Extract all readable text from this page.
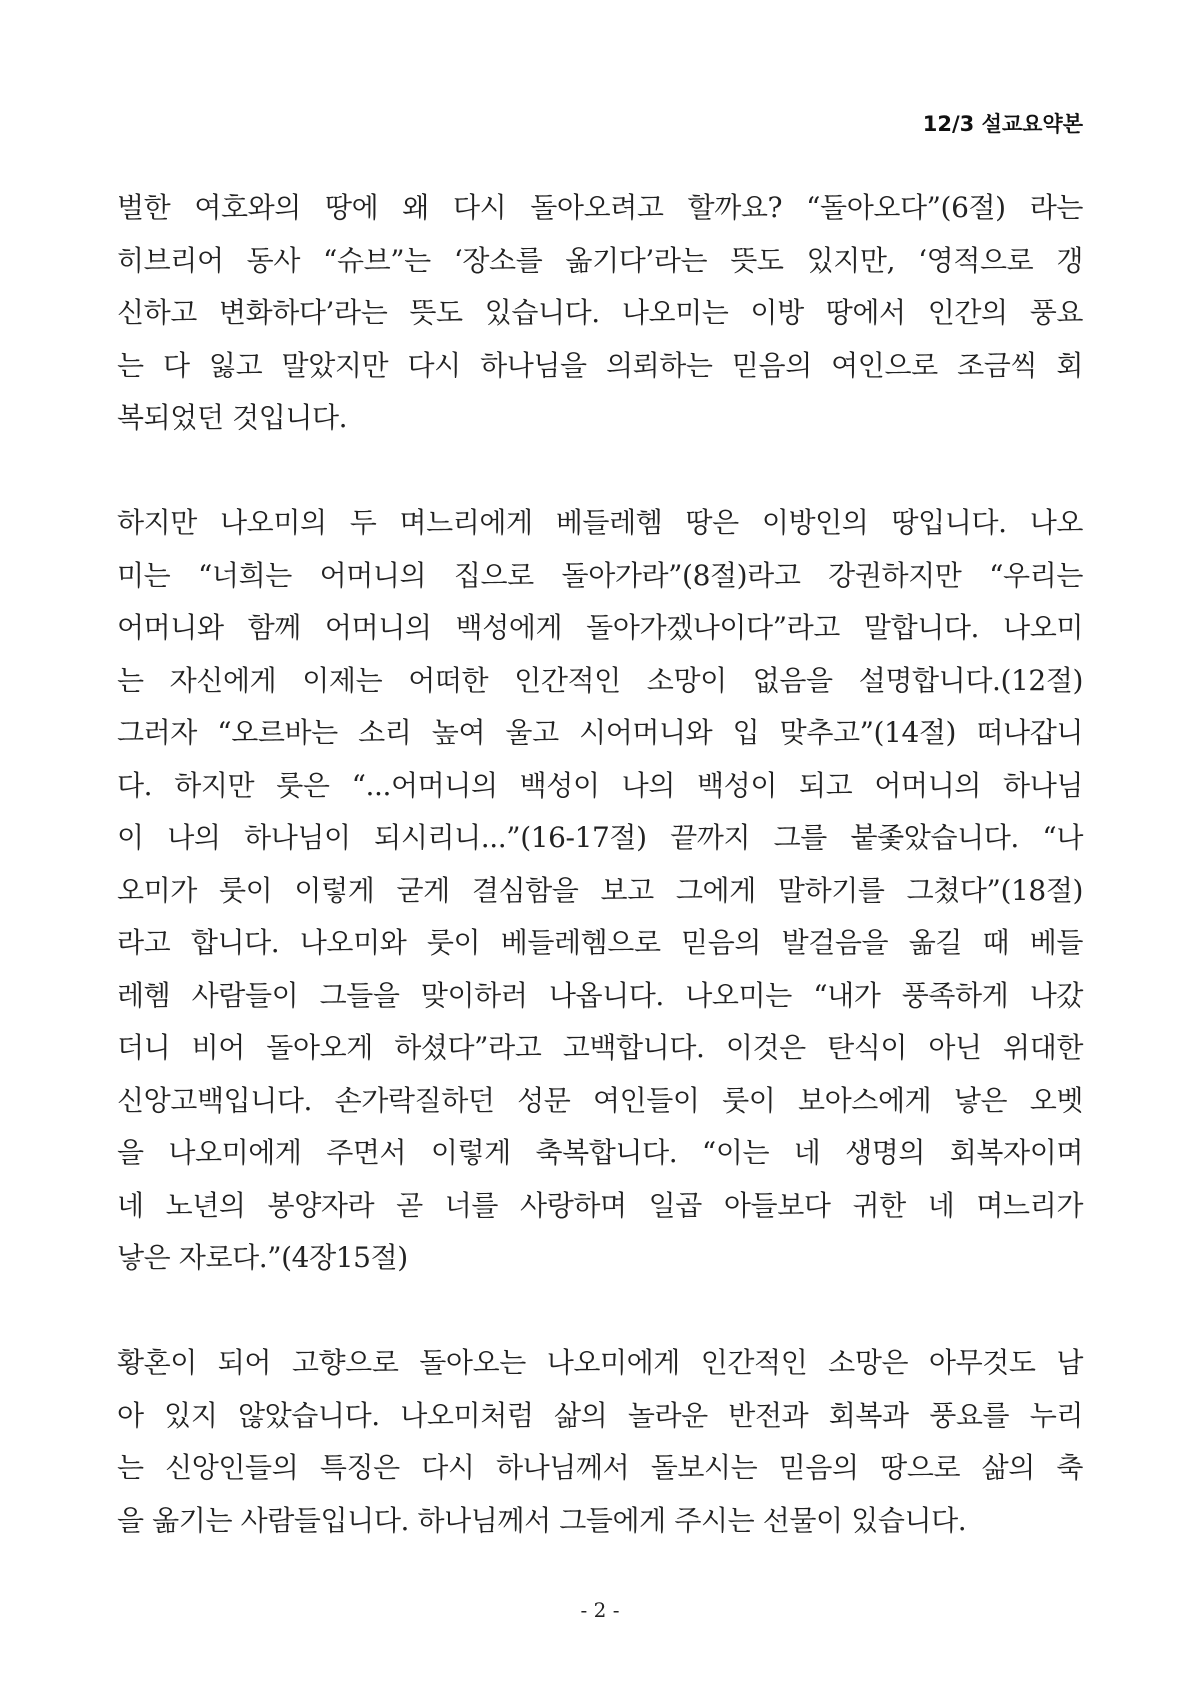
12/3 설교요약본
벌한 여호와의 땅에 왜 다시 돌아오려고 할까요? “돌아오다”(6절) 라는
히브리어 동사 “슈브”는 ‘장소를 옮기다’라는 뜻도 있지만, ‘영적으로 갱
신하고 변화하다’라는 뜻도 있습니다. 나오미는 이방 땅에서 인간의 풍요
는 다 잃고 말았지만 다시 하나님을 의뢰하는 믿음의 여인으로 조금씩 회
복되었던 것입니다.
하지만 나오미의 두 며느리에게 베들레헴 땅은 이방인의 땅입니다. 나오
미는 “너희는 어머니의 집으로 돌아가라”(8절)라고 강권하지만 “우리는
어머니와 함께 어머니의 백성에게 돌아가겠나이다”라고 말합니다. 나오미
는 자신에게 이제는 어떠한 인간적인 소망이 없음을 설명합니다.(12절)
그러자 “오르바는 소리 높여 울고 시어머니와 입 맞추고”(14절) 떠나갑니
다. 하지만 룻은 “...어머니의 백성이 나의 백성이 되고 어머니의 하나님
이 나의 하나님이 되시리니...”(16-17절) 끝까지 그를 붙좇았습니다. “나
오미가 룻이 이렇게 굳게 결심함을 보고 그에게 말하기를 그쳤다”(18절)
라고 합니다. 나오미와 룻이 베들레헴으로 믿음의 발걸음을 옮길 때 베들
레헴 사람들이 그들을 맞이하러 나옵니다. 나오미는 “내가 풍족하게 나갔
더니 비어 돌아오게 하셨다”라고 고백합니다. 이것은 탄식이 아닌 위대한
신앙고백입니다. 손가락질하던 성문 여인들이 룻이 보아스에게 낳은 오벳
을 나오미에게 주면서 이렇게 축복합니다. “이는 네 생명의 회복자이며
네 노년의 봉양자라 곧 너를 사랑하며 일곱 아들보다 귀한 네 며느리가
낳은 자로다.”(4장15절)
황혼이 되어 고향으로 돌아오는 나오미에게 인간적인 소망은 아무것도 남
아 있지 않았습니다. 나오미처럼 삶의 놀라운 반전과 회복과 풍요를 누리
는 신앙인들의 특징은 다시 하나님께서 돌보시는 믿음의 땅으로 삶의 축
을 옮기는 사람들입니다. 하나님께서 그들에게 주시는 선물이 있습니다.
- 2 -
